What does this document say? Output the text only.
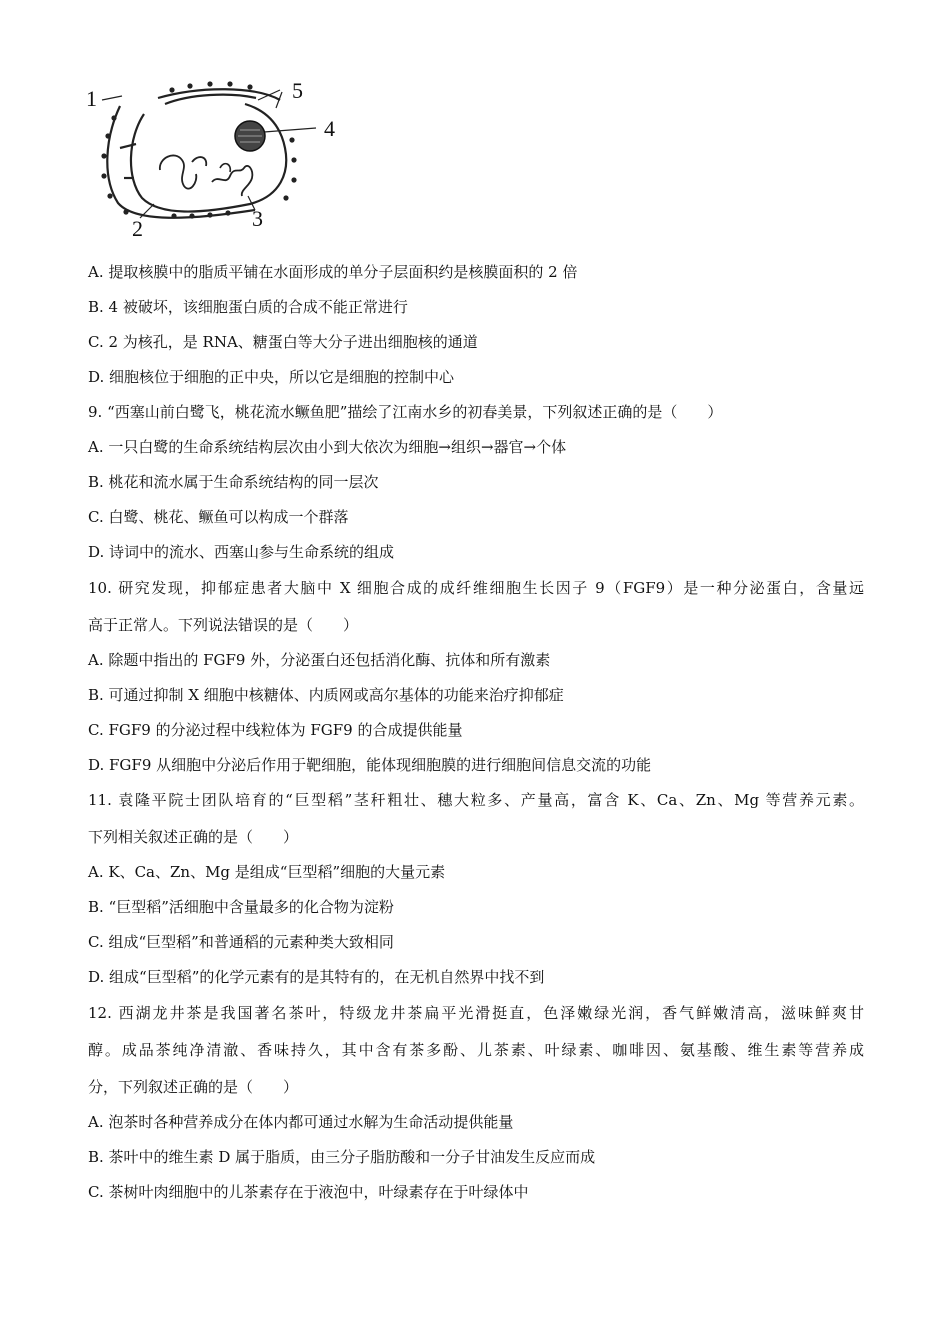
1
2	3
4
5
A. 提取核膜中的脂质平铺在水面形成的单分子层面积约是核膜面积的 2 倍
B. 4 被破坏，该细胞蛋白质的合成不能正常进行
C. 2 为核孔，是 RNA、糖蛋白等大分子进出细胞核的通道
D. 细胞核位于细胞的正中央，所以它是细胞的控制中心
9. “西塞山前白鹭飞，桃花流水鳜鱼肥”描绘了江南水乡的初春美景，下列叙述正确的是（　　）
A. 一只白鹭的生命系统结构层次由小到大依次为细胞→组织→器官→个体
B. 桃花和流水属于生命系统结构的同一层次
C. 白鹭、桃花、鳜鱼可以构成一个群落
D. 诗词中的流水、西塞山参与生命系统的组成
10. 研究发现，抑郁症患者大脑中 X 细胞合成的成纤维细胞生长因子 9（FGF9）是一种分泌蛋白，含量远
高于正常人。下列说法错误的是（　　）
A. 除题中指出的 FGF9 外，分泌蛋白还包括消化酶、抗体和所有激素
B. 可通过抑制 X 细胞中核糖体、内质网或高尔基体的功能来治疗抑郁症
C. FGF9 的分泌过程中线粒体为 FGF9 的合成提供能量
D. FGF9 从细胞中分泌后作用于靶细胞，能体现细胞膜的进行细胞间信息交流的功能
11. 袁隆平院士团队培育的“巨型稻”茎秆粗壮、穗大粒多、产量高，富含 K、Ca、Zn、Mg 等营养元素。
下列相关叙述正确的是（　　）
A. K、Ca、Zn、Mg 是组成“巨型稻”细胞的大量元素
B. “巨型稻”活细胞中含量最多的化合物为淀粉
C. 组成“巨型稻”和普通稻的元素种类大致相同
D. 组成“巨型稻”的化学元素有的是其特有的，在无机自然界中找不到
12. 西湖龙井茶是我国著名茶叶，特级龙井茶扁平光滑挺直，色泽嫩绿光润，香气鲜嫩清高，滋味鲜爽甘
醇。成品茶纯净清澈、香味持久，其中含有茶多酚、儿茶素、叶绿素、咖啡因、氨基酸、维生素等营养成
分，下列叙述正确的是（　　）
A. 泡茶时各种营养成分在体内都可通过水解为生命活动提供能量
B. 茶叶中的维生素 D 属于脂质，由三分子脂肪酸和一分子甘油发生反应而成
C. 茶树叶肉细胞中的儿茶素存在于液泡中，叶绿素存在于叶绿体中
